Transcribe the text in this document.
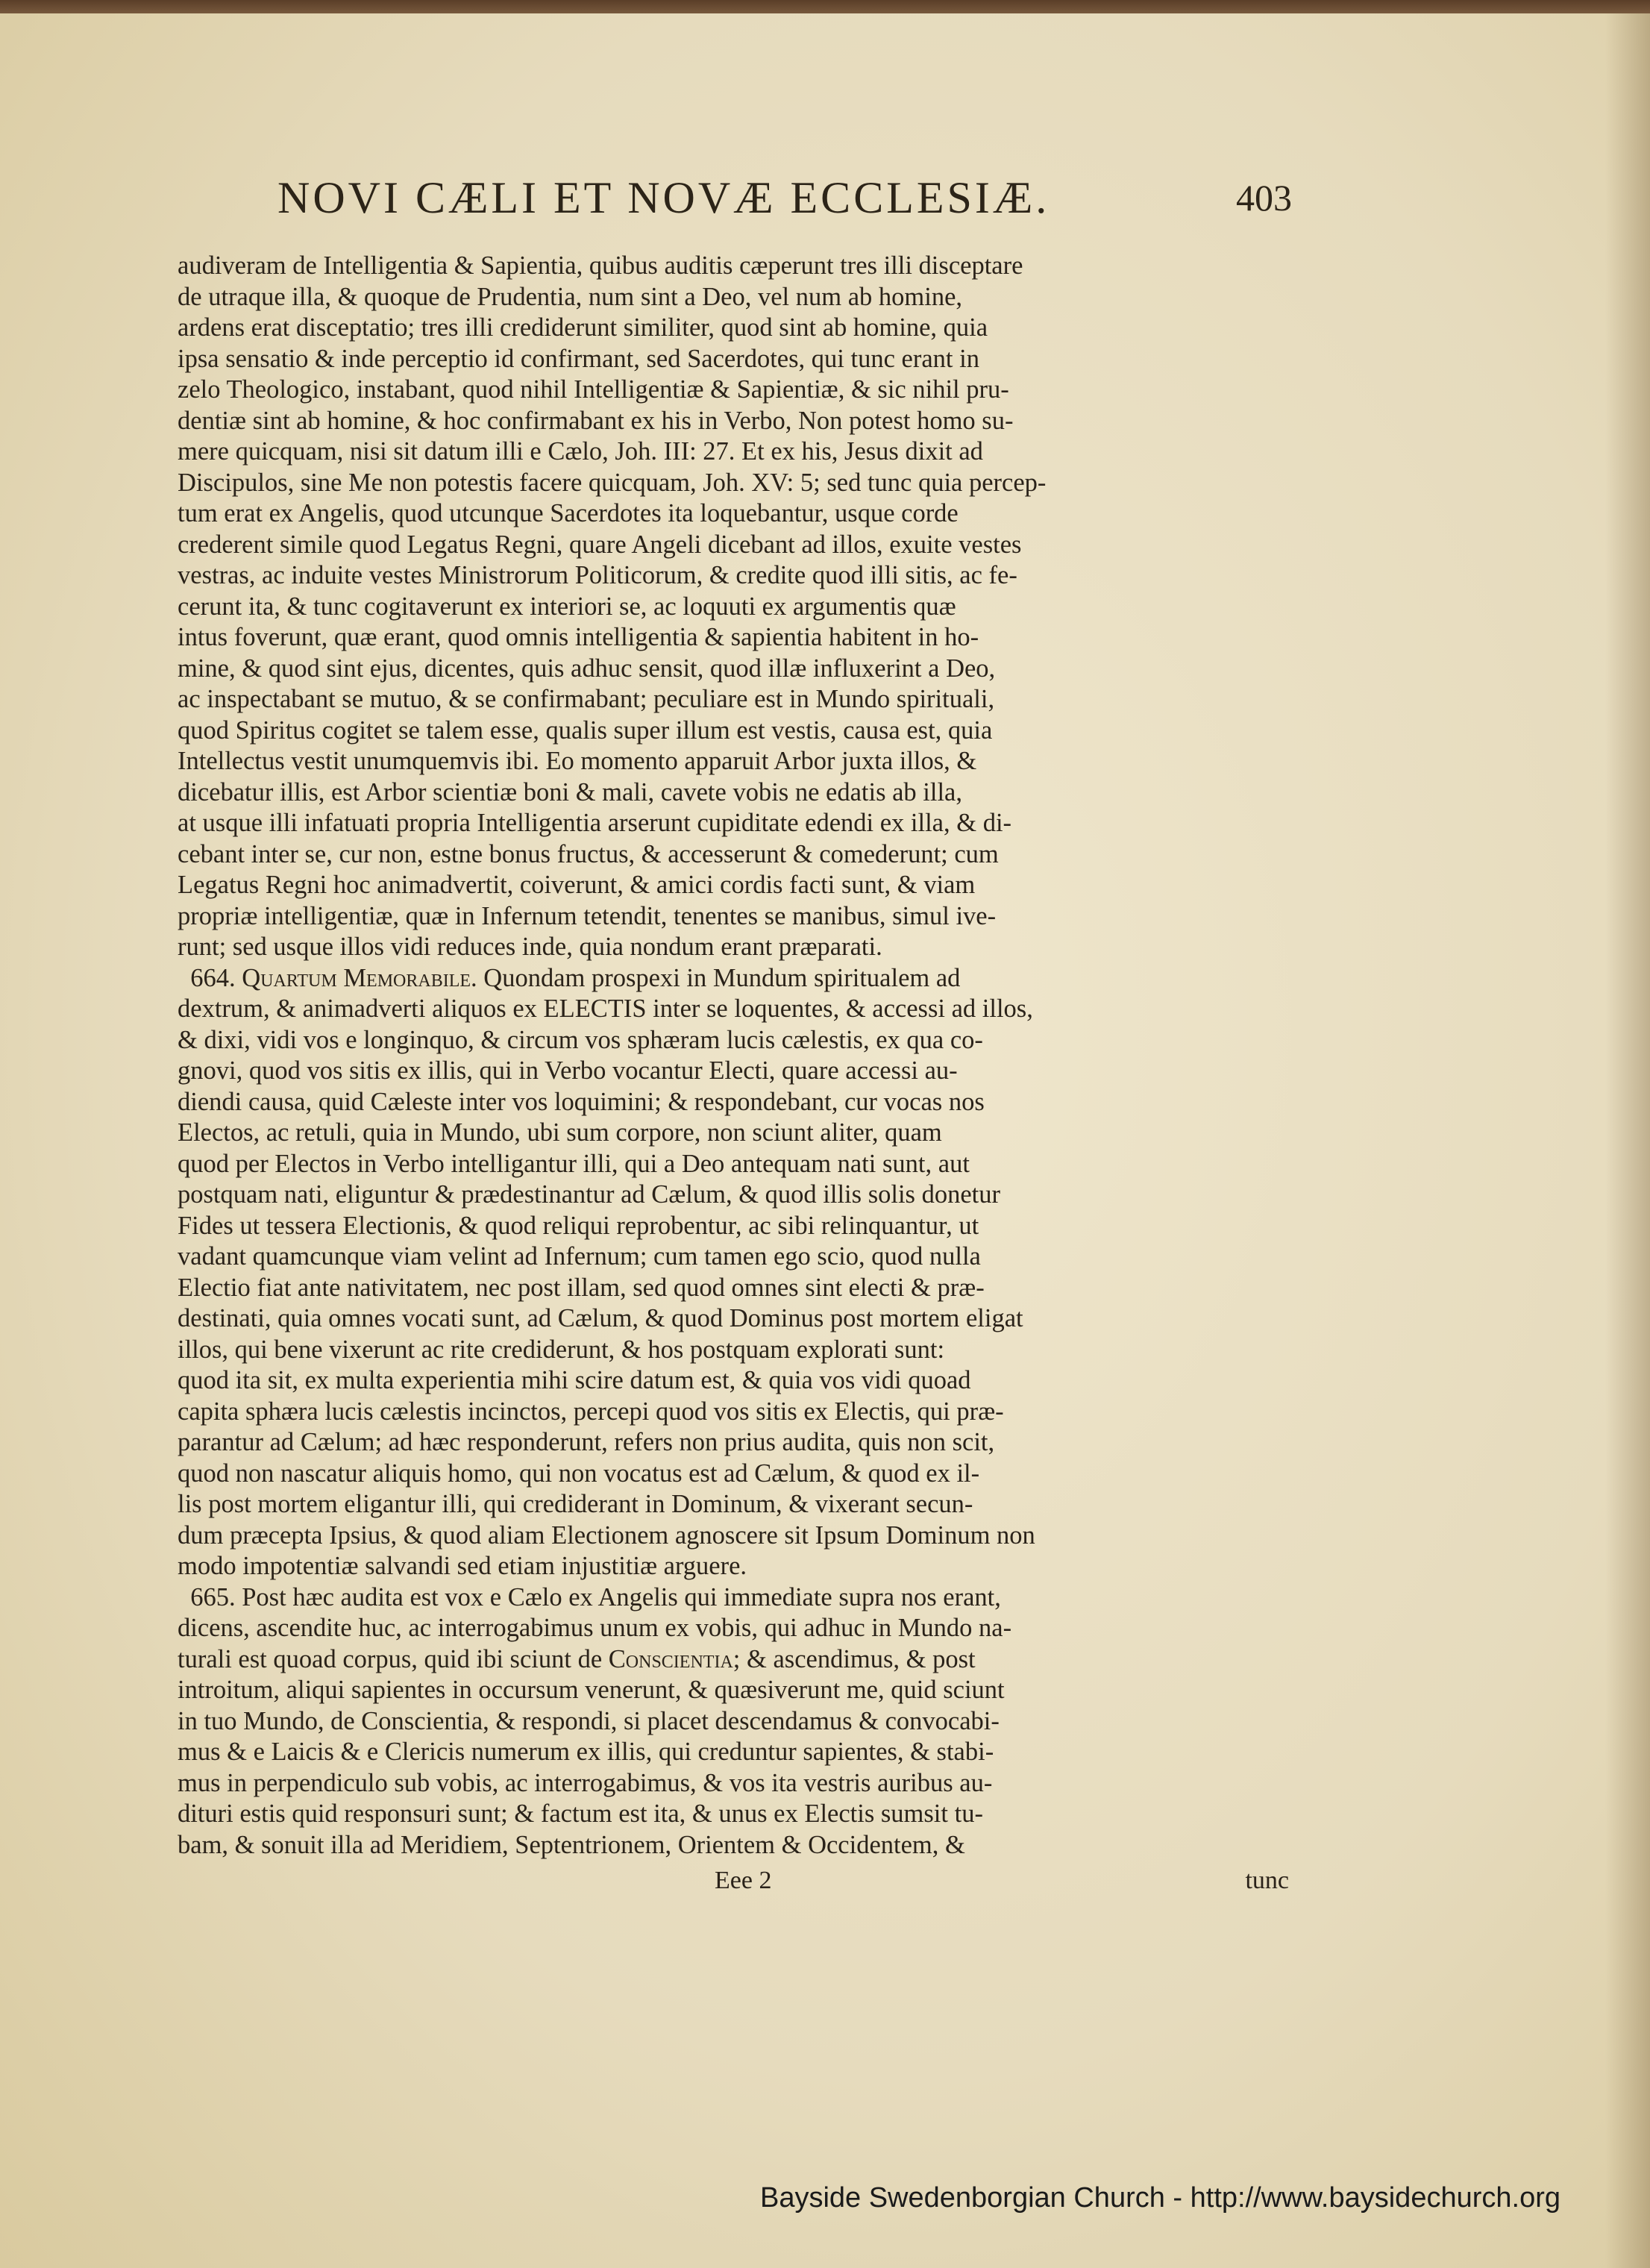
NOVI CÆLI ET NOVÆ ECCLESIÆ.	403

audiveram de Intelligentia & Sapientia, quibus auditis cæperunt tres illi disceptare

de utraque illa, & quoque de Prudentia, num sint a Deo, vel num ab homine,

ardens erat disceptatio; tres illi crediderunt similiter, quod sint ab homine, quia

ipsa sensatio & inde perceptio id confirmant, sed Sacerdotes, qui tunc erant in

zelo Theologico, instabant, quod nihil Intelligentiæ & Sapientiæ, & sic nihil pru-

dentiæ sint ab homine, & hoc confirmabant ex his in Verbo, Non potest homo su-

mere quicquam, nisi sit datum illi e Cælo, Joh. III: 27. Et ex his, Jesus dixit ad

Discipulos, sine Me non potestis facere quicquam, Joh. XV: 5; sed tunc quia percep-

tum erat ex Angelis, quod utcunque Sacerdotes ita loquebantur, usque corde

crederent simile quod Legatus Regni, quare Angeli dicebant ad illos, exuite vestes

vestras, ac induite vestes Ministrorum Politicorum, & credite quod illi sitis, ac fe-

cerunt ita, & tunc cogitaverunt ex interiori se, ac loquuti ex argumentis quæ

intus foverunt, quæ erant, quod omnis intelligentia & sapientia habitent in ho-

mine, & quod sint ejus, dicentes, quis adhuc sensit, quod illæ influxerint a Deo,

ac inspectabant se mutuo, & se confirmabant; peculiare est in Mundo spirituali,

quod Spiritus cogitet se talem esse, qualis super illum est vestis, causa est, quia

Intellectus vestit unumquemvis ibi. Eo momento apparuit Arbor juxta illos, &

dicebatur illis, est Arbor scientiæ boni & mali, cavete vobis ne edatis ab illa,

at usque illi infatuati propria Intelligentia arserunt cupiditate edendi ex illa, & di-

cebant inter se, cur non, estne bonus fructus, & accesserunt & comederunt; cum

Legatus Regni hoc animadvertit, coiverunt, & amici cordis facti sunt, & viam

propriæ intelligentiæ, quæ in Infernum tetendit, tenentes se manibus, simul ive-

runt; sed usque illos vidi reduces inde, quia nondum erant præparati.

664. Quartum Memorabile. Quondam prospexi in Mundum spiritualem ad

dextrum, & animadverti aliquos ex ELECTIS inter se loquentes, & accessi ad illos,

& dixi, vidi vos e longinquo, & circum vos sphæram lucis cælestis, ex qua co-

gnovi, quod vos sitis ex illis, qui in Verbo vocantur Electi, quare accessi au-

diendi causa, quid Cæleste inter vos loquimini; & respondebant, cur vocas nos

Electos, ac retuli, quia in Mundo, ubi sum corpore, non sciunt aliter, quam

quod per Electos in Verbo intelligantur illi, qui a Deo antequam nati sunt, aut

postquam nati, eliguntur & prædestinantur ad Cælum, & quod illis solis donetur

Fides ut tessera Electionis, & quod reliqui reprobentur, ac sibi relinquantur, ut

vadant quamcunque viam velint ad Infernum; cum tamen ego scio, quod nulla

Electio fiat ante nativitatem, nec post illam, sed quod omnes sint electi & præ-

destinati, quia omnes vocati sunt, ad Cælum, & quod Dominus post mortem eligat

illos, qui bene vixerunt ac rite crediderunt, & hos postquam explorati sunt:

quod ita sit, ex multa experientia mihi scire datum est, & quia vos vidi quoad

capita sphæra lucis cælestis incinctos, percepi quod vos sitis ex Electis, qui præ-

parantur ad Cælum; ad hæc responderunt, refers non prius audita, quis non scit,

quod non nascatur aliquis homo, qui non vocatus est ad Cælum, & quod ex il-

lis post mortem eligantur illi, qui crediderant in Dominum, & vixerant secun-

dum præcepta Ipsius, & quod aliam Electionem agnoscere sit Ipsum Dominum non

modo impotentiæ salvandi sed etiam injustitiæ arguere.

665. Post hæc audita est vox e Cælo ex Angelis qui immediate supra nos erant,

dicens, ascendite huc, ac interrogabimus unum ex vobis, qui adhuc in Mundo na-

turali est quoad corpus, quid ibi sciunt de Conscientia; & ascendimus, & post

introitum, aliqui sapientes in occursum venerunt, & quæsiverunt me, quid sciunt

in tuo Mundo, de Conscientia, & respondi, si placet descendamus & convocabi-

mus & e Laicis & e Clericis numerum ex illis, qui creduntur sapientes, & stabi-

mus in perpendiculo sub vobis, ac interrogabimus, & vos ita vestris auribus au-

dituri estis quid responsuri sunt; & factum est ita, & unus ex Electis sumsit tu-

bam, & sonuit illa ad Meridiem, Septentrionem, Orientem & Occidentem, &

Eee 2	tunc
Bayside Swedenborgian Church - http://www.baysidechurch.org
